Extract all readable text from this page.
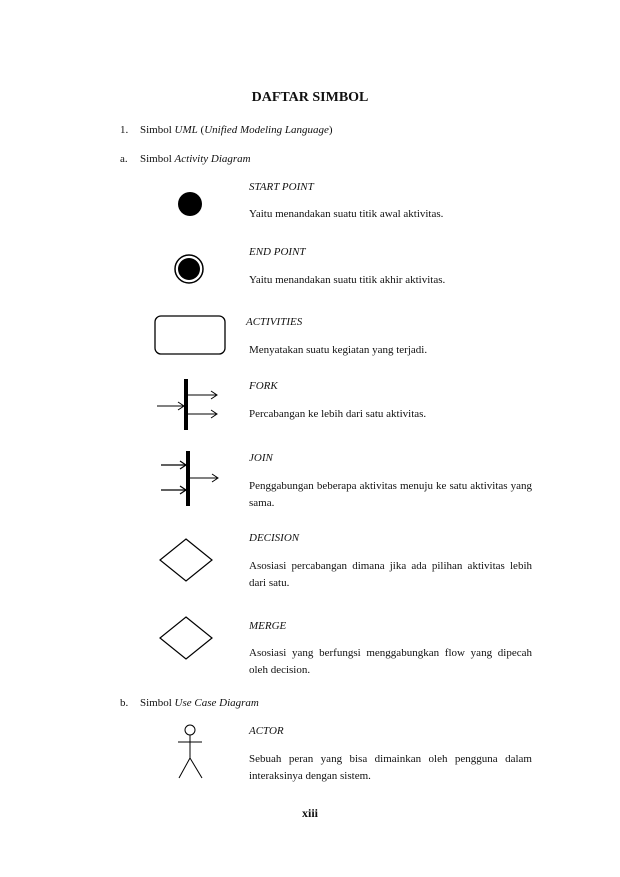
DAFTAR SIMBOL
1. Simbol UML (Unified Modeling Language)
a. Simbol Activity Diagram
START POINT
Yaitu menandakan suatu titik awal aktivitas.
END POINT
Yaitu menandakan suatu titik akhir aktivitas.
ACTIVITIES
Menyatakan suatu kegiatan yang terjadi.
FORK
Percabangan ke lebih dari satu aktivitas.
JOIN
Penggabungan beberapa aktivitas menuju ke satu aktivitas yang sama.
DECISION
Asosiasi percabangan dimana jika ada pilihan aktivitas lebih dari satu.
MERGE
Asosiasi yang berfungsi menggabungkan flow yang dipecah oleh decision.
b. Simbol Use Case Diagram
ACTOR
Sebuah peran yang bisa dimainkan oleh pengguna dalam interaksinya dengan sistem.
xiii
